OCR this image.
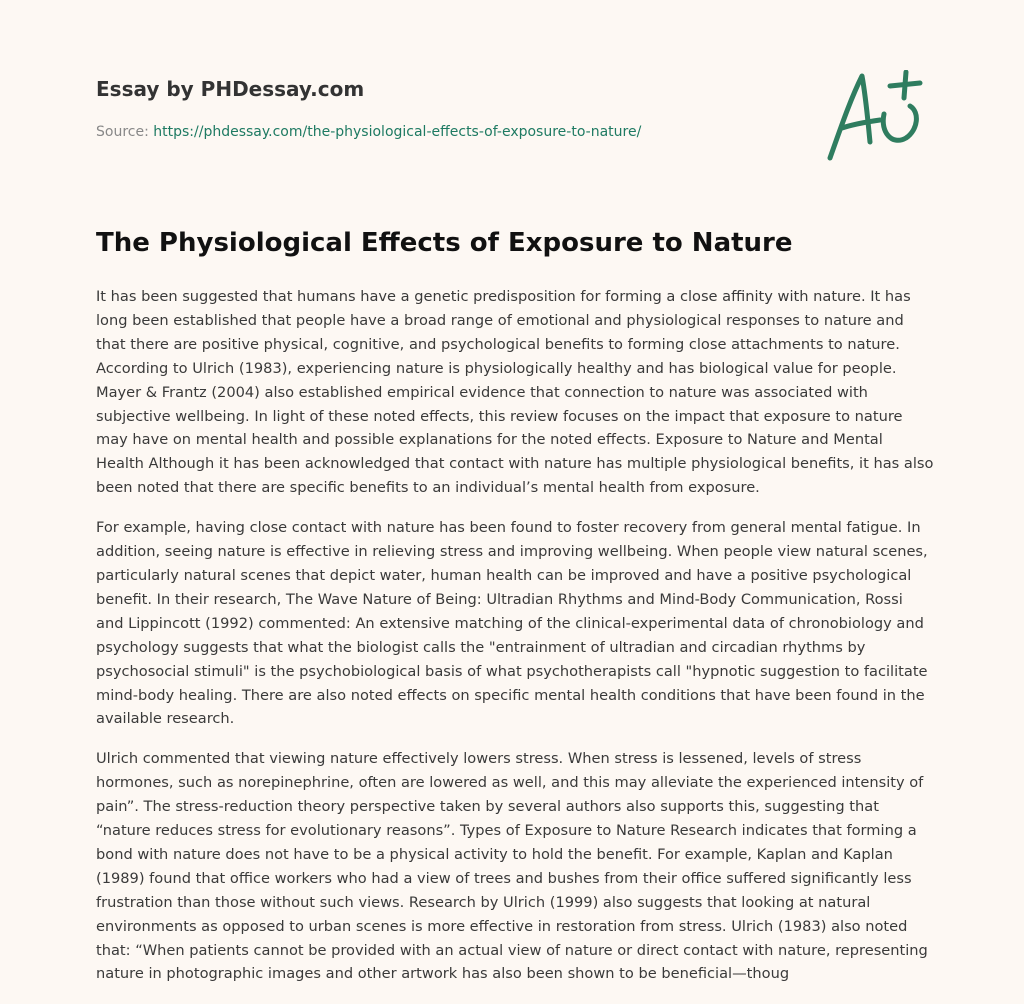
Essay by PHDessay.com
Source: https://phdessay.com/the-physiological-effects-of-exposure-to-nature/
The Physiological Effects of Exposure to Nature

It has been suggested that humans have a genetic predisposition for forming a close affinity with nature. It has long been established that people have a broad range of emotional and physiological responses to nature and that there are positive physical, cognitive, and psychological benefits to forming close attachments to nature. According to Ulrich (1983), experiencing nature is physiologically healthy and has biological value for people. Mayer & Frantz (2004) also established empirical evidence that connection to nature was associated with subjective wellbeing. In light of these noted effects, this review focuses on the impact that exposure to nature may have on mental health and possible explanations for the noted effects. Exposure to Nature and Mental Health Although it has been acknowledged that contact with nature has multiple physiological benefits, it has also been noted that there are specific benefits to an individual’s mental health from exposure.

For example, having close contact with nature has been found to foster recovery from general mental fatigue. In addition, seeing nature is effective in relieving stress and improving wellbeing. When people view natural scenes, particularly natural scenes that depict water, human health can be improved and have a positive psychological benefit. In their research, The Wave Nature of Being: Ultradian Rhythms and Mind-Body Communication, Rossi and Lippincott (1992) commented: An extensive matching of the clinical-experimental data of chronobiology and psychology suggests that what the biologist calls the "entrainment of ultradian and circadian rhythms by psychosocial stimuli" is the psychobiological basis of what psychotherapists call "hypnotic suggestion to facilitate mind-body healing. There are also noted effects on specific mental health conditions that have been found in the available research.

Ulrich commented that viewing nature effectively lowers stress. When stress is lessened, levels of stress hormones, such as norepinephrine, often are lowered as well, and this may alleviate the experienced intensity of pain”. The stress-reduction theory perspective taken by several authors also supports this, suggesting that “nature reduces stress for evolutionary reasons”. Types of Exposure to Nature Research indicates that forming a bond with nature does not have to be a physical activity to hold the benefit. For example, Kaplan and Kaplan (1989) found that office workers who had a view of trees and bushes from their office suffered significantly less frustration than those without such views. Research by Ulrich (1999) also suggests that looking at natural environments as opposed to urban scenes is more effective in restoration from stress. Ulrich (1983) also noted that: “When patients cannot be provided with an actual view of nature or direct contact with nature, representing nature in photographic images and other artwork has also been shown to be beneficial—thoug
